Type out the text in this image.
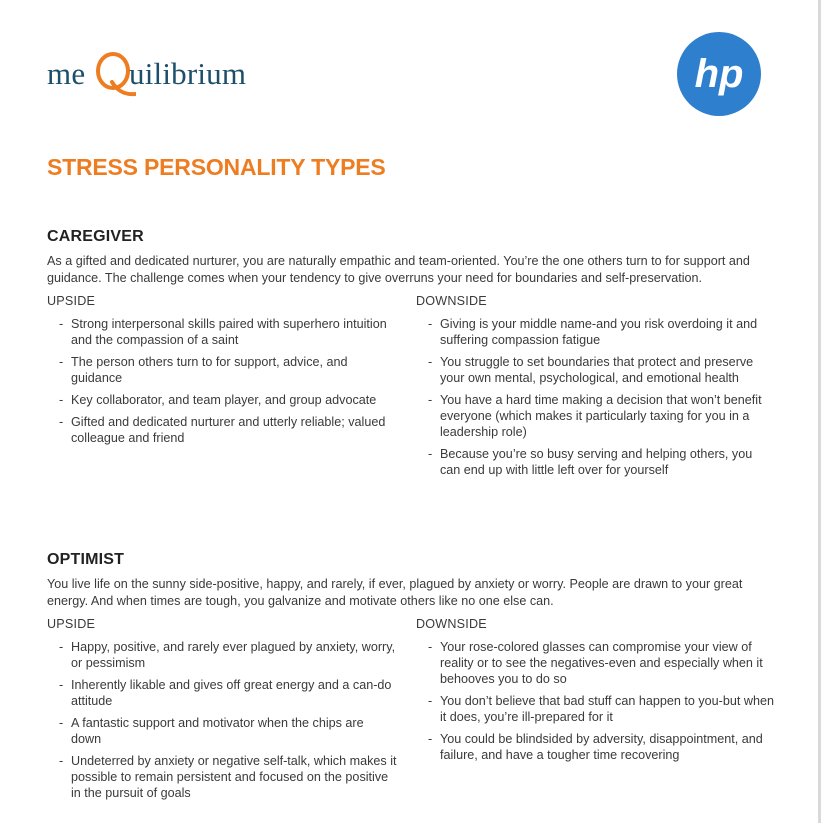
me uilibrium	hp
STRESS PERSONALITY TYPES
CAREGIVER

As a gifted and dedicated nurturer, you are naturally empathic and team-oriented. You’re the one others turn to for support and guidance. The challenge comes when your tendency to give overruns your need for boundaries and self-preservation.

UPSIDE
- Strong interpersonal skills paired with superhero intuition and the compassion of a saint
- The person others turn to for support, advice, and guidance
- Key collaborator, and team player, and group advocate
- Gifted and dedicated nurturer and utterly reliable; valued colleague and friend
DOWNSIDE
- Giving is your middle name-and you risk overdoing it and suffering compassion fatigue
- You struggle to set boundaries that protect and preserve your own mental, psychological, and emotional health
- You have a hard time making a decision that won’t benefit everyone (which makes it particularly taxing for you in a leadership role)
- Because you’re so busy serving and helping others, you can end up with little left over for yourself
OPTIMIST

You live life on the sunny side-positive, happy, and rarely, if ever, plagued by anxiety or worry. People are drawn to your great energy. And when times are tough, you galvanize and motivate others like no one else can.

UPSIDE
- Happy, positive, and rarely ever plagued by anxiety, worry, or pessimism
- Inherently likable and gives off great energy and a can-do attitude
- A fantastic support and motivator when the chips are down
- Undeterred by anxiety or negative self-talk, which makes it possible to remain persistent and focused on the positive in the pursuit of goals
DOWNSIDE
- Your rose-colored glasses can compromise your view of reality or to see the negatives-even and especially when it behooves you to do so
- You don’t believe that bad stuff can happen to you-but when it does, you’re ill-prepared for it
- You could be blindsided by adversity, disappointment, and failure, and have a tougher time recovering
